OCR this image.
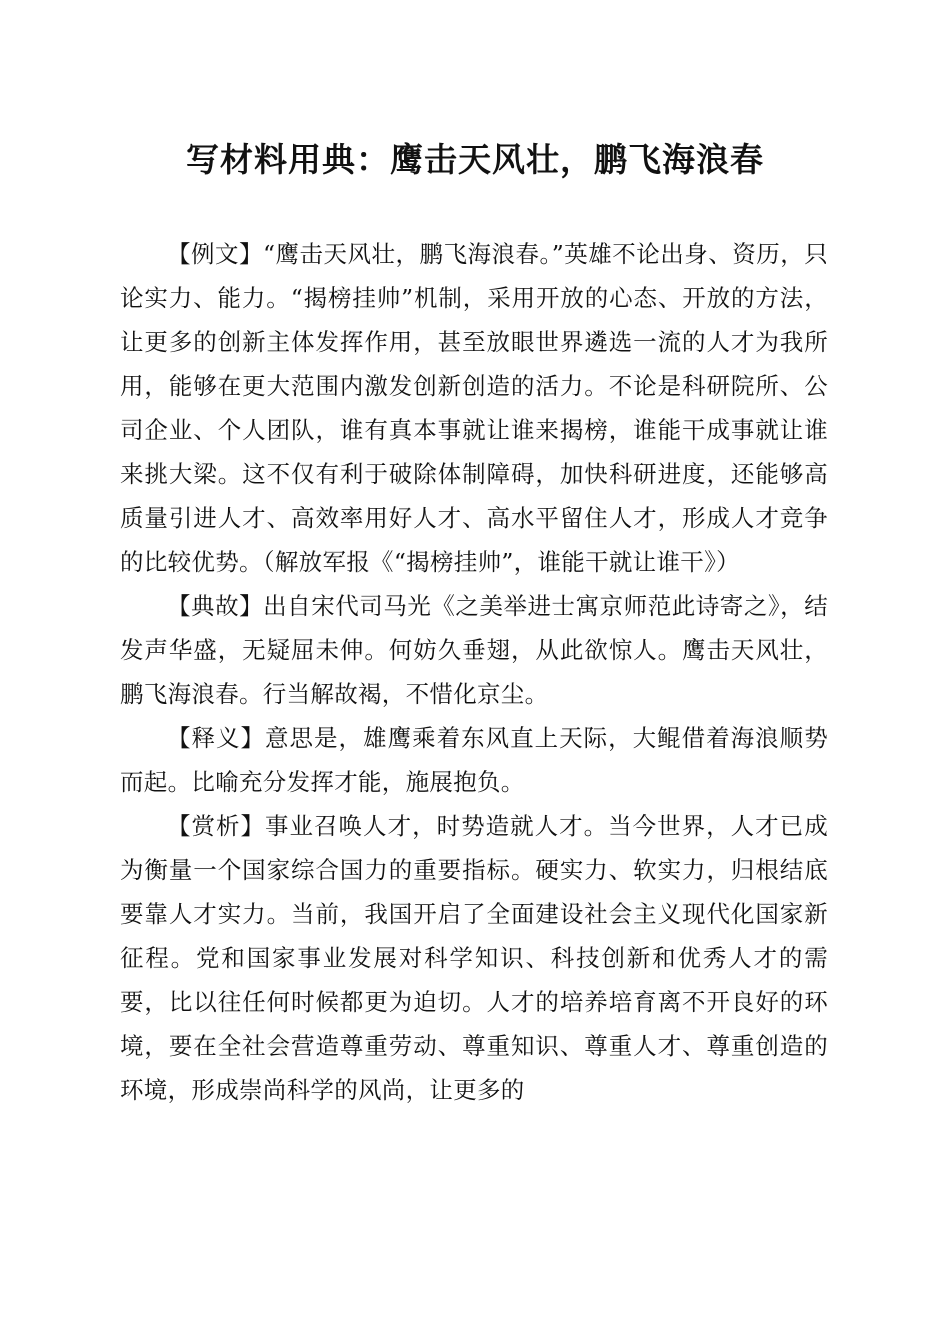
写材料用典：鹰击天风壮，鹏飞海浪春

【例文】“鹰击天风壮，鹏飞海浪春。”英雄不论出身、资历，只论实力、能力。“揭榜挂帅”机制，采用开放的心态、开放的方法，让更多的创新主体发挥作用，甚至放眼世界遴选一流的人才为我所用，能够在更大范围内激发创新创造的活力。不论是科研院所、公司企业、个人团队，谁有真本事就让谁来揭榜，谁能干成事就让谁来挑大梁。这不仅有利于破除体制障碍，加快科研进度，还能够高质量引进人才、高效率用好人才、高水平留住人才，形成人才竞争的比较优势。（解放军报《“揭榜挂帅”，谁能干就让谁干》）

【典故】出自宋代司马光《之美举进士寓京师范此诗寄之》，结发声华盛，无疑屈未伸。何妨久垂翅，从此欲惊人。鹰击天风壮，鹏飞海浪春。行当解故褐，不惜化京尘。

【释义】意思是，雄鹰乘着东风直上天际，大鲲借着海浪顺势而起。比喻充分发挥才能，施展抱负。

【赏析】事业召唤人才，时势造就人才。当今世界，人才已成为衡量一个国家综合国力的重要指标。硬实力、软实力，归根结底要靠人才实力。当前，我国开启了全面建设社会主义现代化国家新征程。党和国家事业发展对科学知识、科技创新和优秀人才的需要，比以往任何时候都更为迫切。人才的培养培育离不开良好的环境，要在全社会营造尊重劳动、尊重知识、尊重人才、尊重创造的环境，形成崇尚科学的风尚，让更多的
